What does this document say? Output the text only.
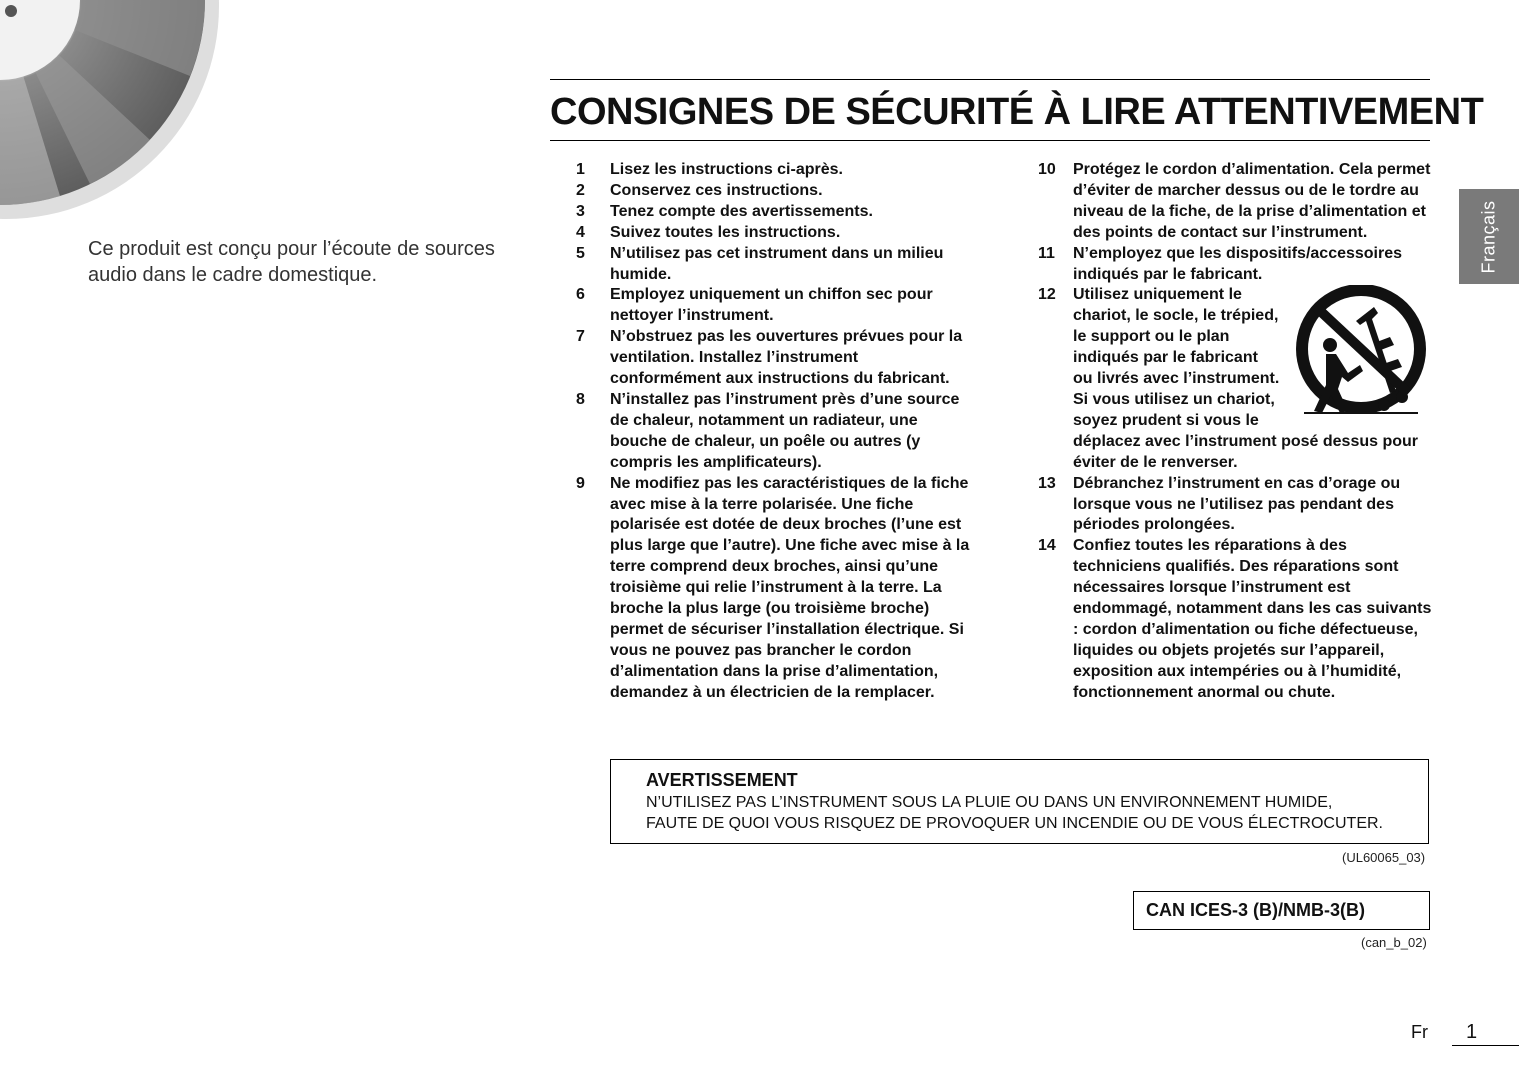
Ce produit est conçu pour l’écoute de sources audio dans le cadre domestique.
CONSIGNES DE SÉCURITÉ À LIRE ATTENTIVEMENT
1 Lisez les instructions ci-après.
2 Conservez ces instructions.
3 Tenez compte des avertissements.
4 Suivez toutes les instructions.
5 N’utilisez pas cet instrument dans un milieu humide.
6 Employez uniquement un chiffon sec pour nettoyer l’instrument.
7 N’obstruez pas les ouvertures prévues pour la ventilation. Installez l’instrument conformément aux instructions du fabricant.
8 N’installez pas l’instrument près d’une source de chaleur, notamment un radiateur, une bouche de chaleur, un poêle ou autres (y compris les amplificateurs).
9 Ne modifiez pas les caractéristiques de la fiche avec mise à la terre polarisée. Une fiche polarisée est dotée de deux broches (l’une est plus large que l’autre). Une fiche avec mise à la terre comprend deux broches, ainsi qu’une troisième qui relie l’instrument à la terre. La broche la plus large (ou troisième broche) permet de sécuriser l’installation électrique. Si vous ne pouvez pas brancher le cordon d’alimentation dans la prise d’alimentation, demandez à un électricien de la remplacer.
10 Protégez le cordon d’alimentation. Cela permet d’éviter de marcher dessus ou de le tordre au niveau de la fiche, de la prise d’alimentation et des points de contact sur l’instrument.
11 N’employez que les dispositifs/accessoires indiqués par le fabricant.
12 Utilisez uniquement le chariot, le socle, le trépied, le support ou le plan indiqués par le fabricant ou livrés avec l’instrument. Si vous utilisez un chariot, soyez prudent si vous le déplacez avec l’instrument posé dessus pour éviter de le renverser.
13 Débranchez l’instrument en cas d’orage ou lorsque vous ne l’utilisez pas pendant des périodes prolongées.
14 Confiez toutes les réparations à des techniciens qualifiés. Des réparations sont nécessaires lorsque l’instrument est endommagé, notamment dans les cas suivants : cordon d’alimentation ou fiche défectueuse, liquides ou objets projetés sur l’appareil, exposition aux intempéries ou à l’humidité, fonctionnement anormal ou chute.
Français
AVERTISSEMENT
N’UTILISEZ PAS L’INSTRUMENT SOUS LA PLUIE OU DANS UN ENVIRONNEMENT HUMIDE,
FAUTE DE QUOI VOUS RISQUEZ DE PROVOQUER UN INCENDIE OU DE VOUS ÉLECTROCUTER.
(UL60065_03)
CAN ICES-3 (B)/NMB-3(B)
(can_b_02)
Fr 1
